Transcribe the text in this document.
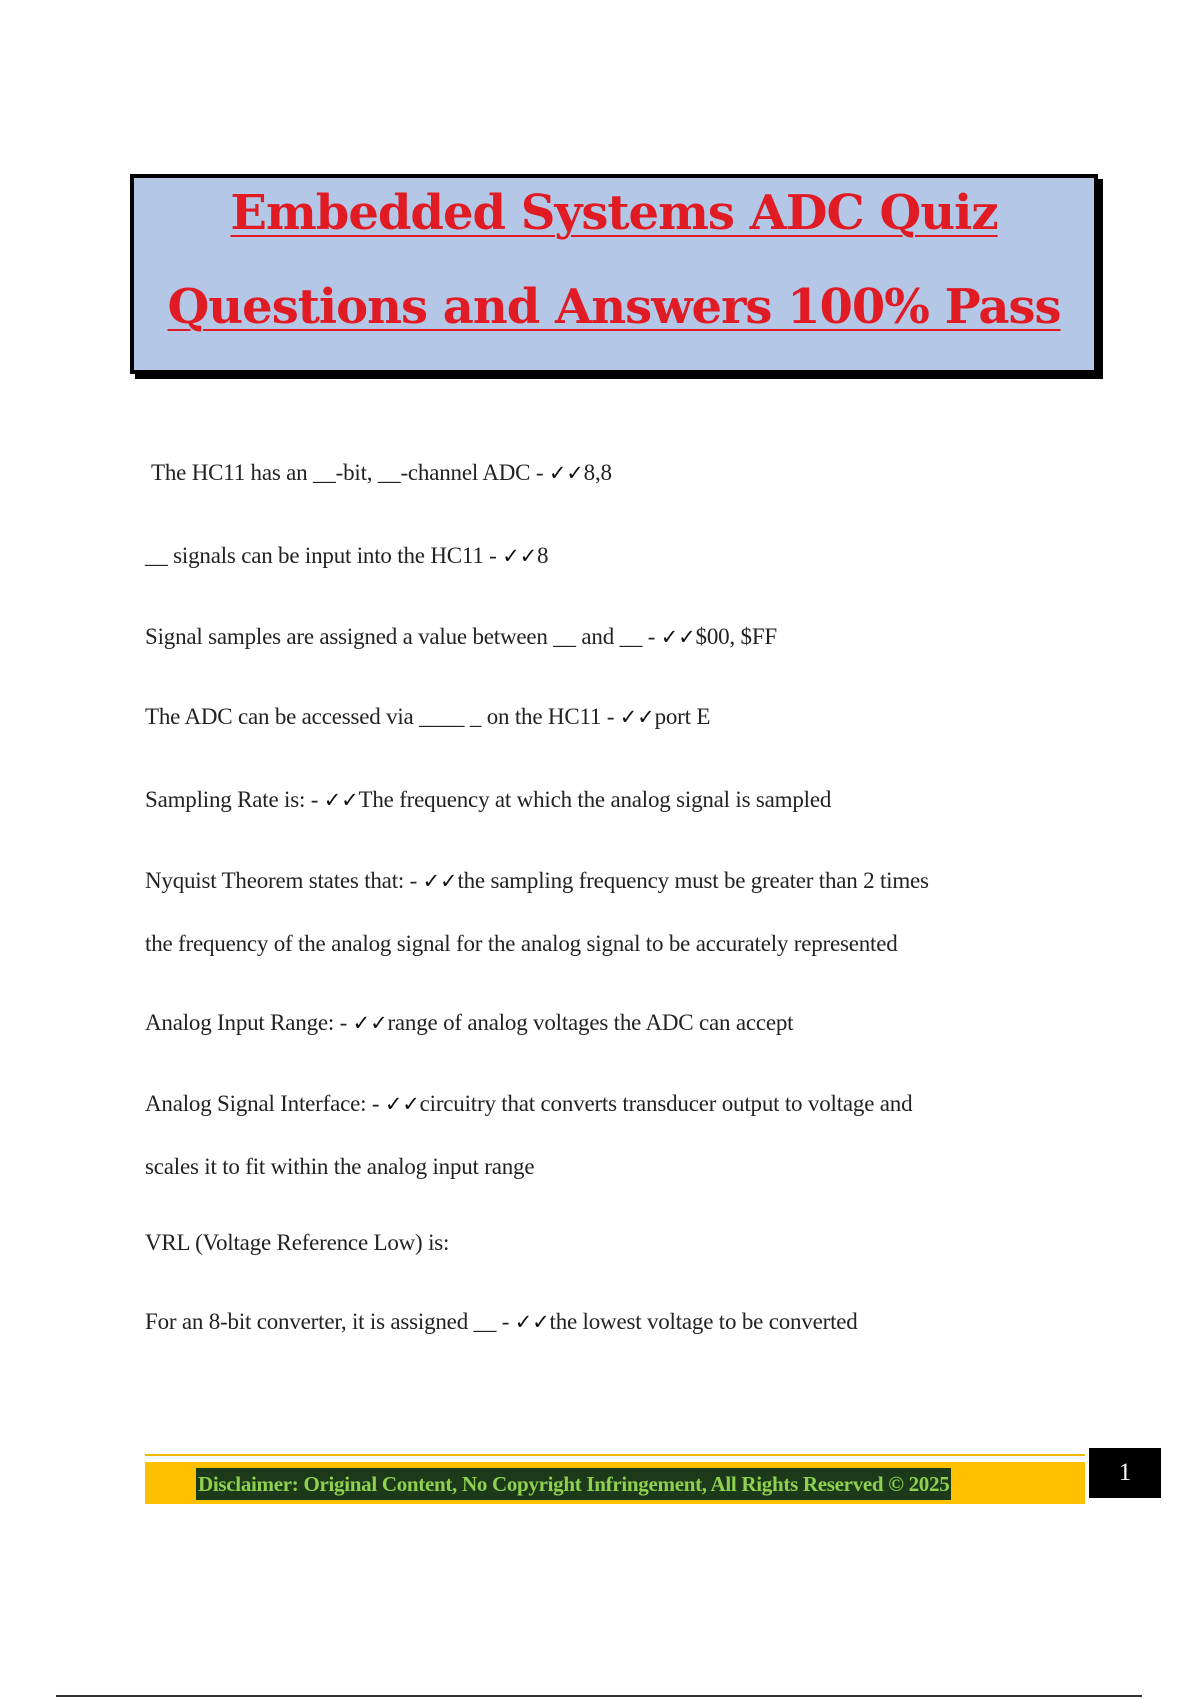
Embedded Systems ADC Quiz
Questions and Answers 100% Pass
The HC11 has an __-bit, __-channel ADC - ✓✓8,8
__ signals can be input into the HC11 - ✓✓8
Signal samples are assigned a value between __ and __ - ✓✓$00, $FF
The ADC can be accessed via ____ _ on the HC11 - ✓✓port E
Sampling Rate is: - ✓✓The frequency at which the analog signal is sampled
Nyquist Theorem states that: - ✓✓the sampling frequency must be greater than 2 times
the frequency of the analog signal for the analog signal to be accurately represented
Analog Input Range: - ✓✓range of analog voltages the ADC can accept
Analog Signal Interface: - ✓✓circuitry that converts transducer output to voltage and
scales it to fit within the analog input range
VRL (Voltage Reference Low) is:
For an 8-bit converter, it is assigned __ - ✓✓the lowest voltage to be converted
Disclaimer: Original Content, No Copyright Infringement, All Rights Reserved © 2025	1
